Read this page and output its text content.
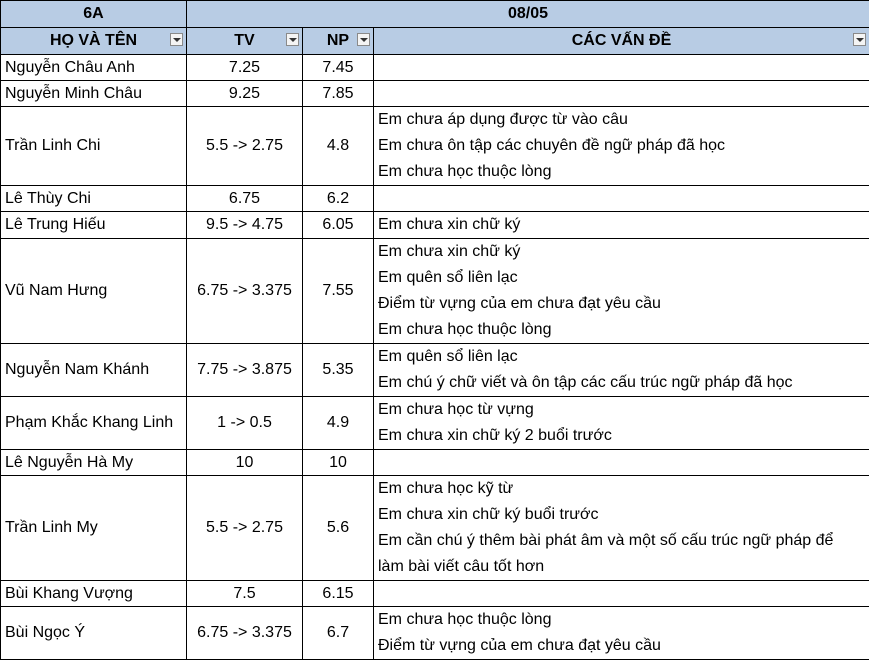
6A	08/05		
HỌ VÀ TÊN	TV	NP	CÁC VẤN ĐỀ

Nguyễn Châu Anh	7.25	7.45	

Nguyễn Minh Châu	9.25	7.85	

Trần Linh Chi	5.5 -> 2.75	4.8	Em chưa áp dụng được từ vào câu
Em chưa ôn tập các chuyên đề ngữ pháp đã học
Em chưa học thuộc lòng

Lê Thùy Chi	6.75	6.2	

Lê Trung Hiếu	9.5 -> 4.75	6.05	Em chưa xin chữ ký

Vũ Nam Hưng	6.75 -> 3.375	7.55	Em chưa xin chữ ký
Em quên sổ liên lạc
Điểm từ vựng của em chưa đạt yêu cầu
Em chưa học thuộc lòng

Nguyễn Nam Khánh	7.75 -> 3.875	5.35	Em quên sổ liên lạc
Em chú ý chữ viết và ôn tập các cấu trúc ngữ pháp đã học

Phạm Khắc Khang Linh	1 -> 0.5	4.9	Em chưa học từ vựng
Em chưa xin chữ ký 2 buổi trước

Lê Nguyễn Hà My	10	10	

Trần Linh My	5.5 -> 2.75	5.6	Em chưa học kỹ từ
Em chưa xin chữ ký buổi trước
Em cần chú ý thêm bài phát âm và một số cấu trúc ngữ pháp để
làm bài viết câu tốt hơn

Bùi Khang Vượng	7.5	6.15	

Bùi Ngọc Ý	6.75 -> 3.375	6.7	Em chưa học thuộc lòng
Điểm từ vựng của em chưa đạt yêu cầu
